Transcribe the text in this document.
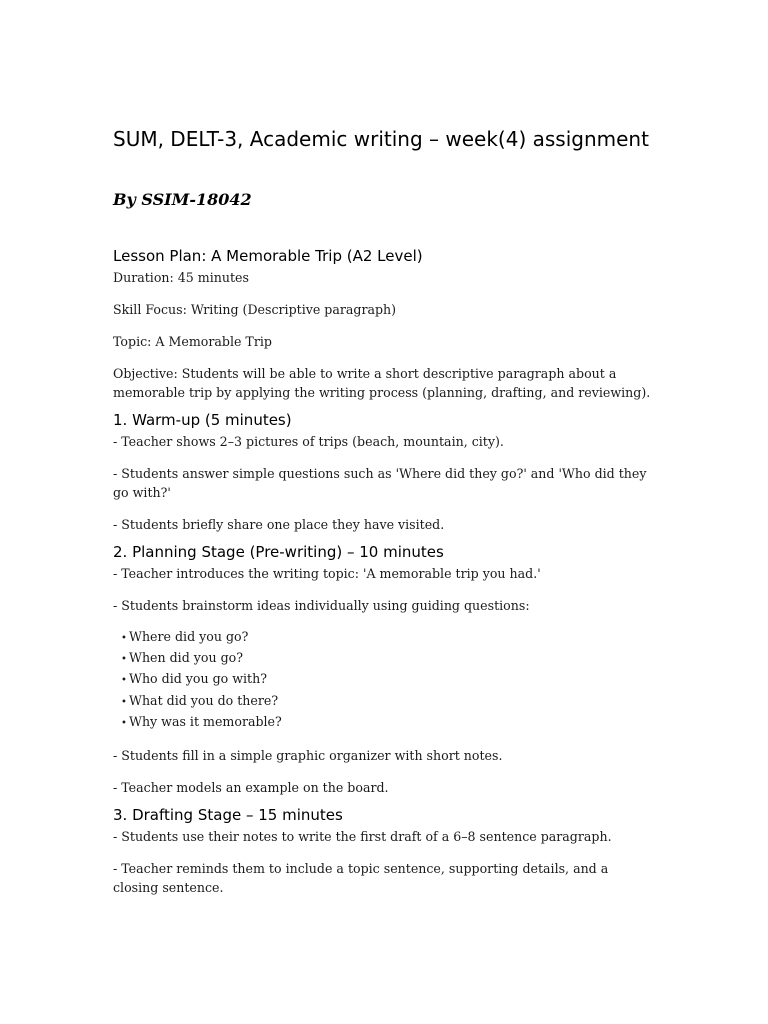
SUM, DELT-3, Academic writing – week(4) assignment

By SSIM-18042

Lesson Plan: A Memorable Trip (A2 Level)

Duration: 45 minutes

Skill Focus: Writing (Descriptive paragraph)

Topic: A Memorable Trip

Objective: Students will be able to write a short descriptive paragraph about a memorable trip by applying the writing process (planning, drafting, and reviewing).

1. Warm-up (5 minutes)

- Teacher shows 2–3 pictures of trips (beach, mountain, city).

- Students answer simple questions such as 'Where did they go?' and 'Who did they go with?'

- Students briefly share one place they have visited.

2. Planning Stage (Pre-writing) – 10 minutes

- Teacher introduces the writing topic: 'A memorable trip you had.'

- Students brainstorm ideas individually using guiding questions:

• Where did you go?
• When did you go?
• Who did you go with?
• What did you do there?
• Why was it memorable?

- Students fill in a simple graphic organizer with short notes.

- Teacher models an example on the board.

3. Drafting Stage – 15 minutes

- Students use their notes to write the first draft of a 6–8 sentence paragraph.

- Teacher reminds them to include a topic sentence, supporting details, and a closing sentence.
